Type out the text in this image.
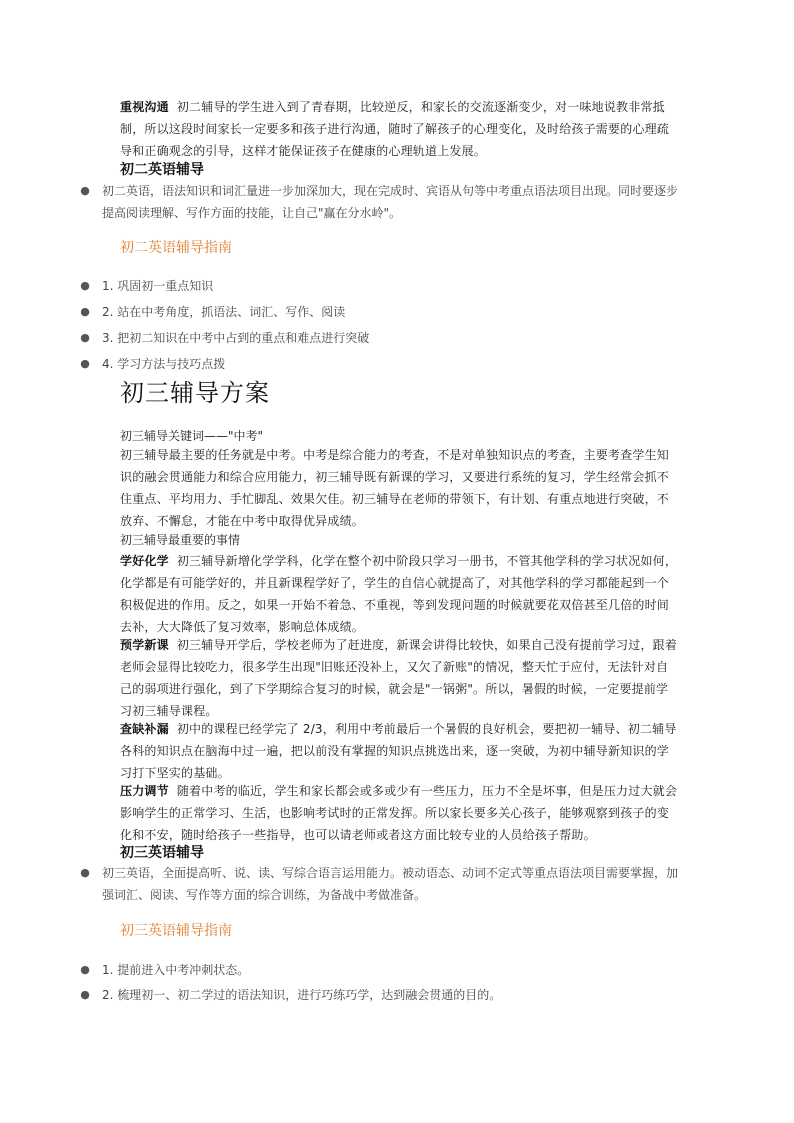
重视沟通 初二辅导的学生进入到了青春期，比较逆反，和家长的交流逐渐变少，对一味地说教非常抵制，所以这段时间家长一定要多和孩子进行沟通，随时了解孩子的心理变化，及时给孩子需要的心理疏导和正确观念的引导，这样才能保证孩子在健康的心理轨道上发展。
初二英语辅导
● 初二英语，语法知识和词汇量进一步加深加大，现在完成时、宾语从句等中考重点语法项目出现。同时要逐步提高阅读理解、写作方面的技能，让自己"赢在分水岭"。
初二英语辅导指南
● 1. 巩固初一重点知识
● 2. 站在中考角度，抓语法、词汇、写作、阅读
● 3. 把初二知识在中考中占到的重点和难点进行突破
● 4. 学习方法与技巧点拨
初三辅导方案
初三辅导关键词——"中考"
初三辅导最主要的任务就是中考。中考是综合能力的考查，不是对单独知识点的考查，主要考查学生知识的融会贯通能力和综合应用能力，初三辅导既有新课的学习，又要进行系统的复习，学生经常会抓不住重点、平均用力、手忙脚乱、效果欠佳。初三辅导在老师的带领下，有计划、有重点地进行突破，不放弃、不懈怠，才能在中考中取得优异成绩。
初三辅导最重要的事情
学好化学 初三辅导新增化学学科，化学在整个初中阶段只学习一册书，不管其他学科的学习状况如何，化学都是有可能学好的，并且新课程学好了，学生的自信心就提高了，对其他学科的学习都能起到一个积极促进的作用。反之，如果一开始不着急、不重视，等到发现问题的时候就要花双倍甚至几倍的时间去补，大大降低了复习效率，影响总体成绩。
预学新课 初三辅导开学后，学校老师为了赶进度，新课会讲得比较快，如果自己没有提前学习过，跟着老师会显得比较吃力，很多学生出现"旧账还没补上，又欠了新账"的情况，整天忙于应付，无法针对自己的弱项进行强化，到了下学期综合复习的时候，就会是"一锅粥"。所以，暑假的时候，一定要提前学习初三辅导课程。
查缺补漏 初中的课程已经学完了 2/3，利用中考前最后一个暑假的良好机会，要把初一辅导、初二辅导各科的知识点在脑海中过一遍，把以前没有掌握的知识点挑选出来，逐一突破，为初中辅导新知识的学习打下坚实的基础。
压力调节 随着中考的临近，学生和家长都会或多或少有一些压力，压力不全是坏事，但是压力过大就会影响学生的正常学习、生活，也影响考试时的正常发挥。所以家长要多关心孩子，能够观察到孩子的变化和不安，随时给孩子一些指导，也可以请老师或者这方面比较专业的人员给孩子帮助。
初三英语辅导
● 初三英语，全面提高听、说、读、写综合语言运用能力。被动语态、动词不定式等重点语法项目需要掌握，加强词汇、阅读、写作等方面的综合训练，为备战中考做准备。
初三英语辅导指南
● 1. 提前进入中考冲刺状态。
● 2. 梳理初一、初二学过的语法知识，进行巧练巧学，达到融会贯通的目的。
